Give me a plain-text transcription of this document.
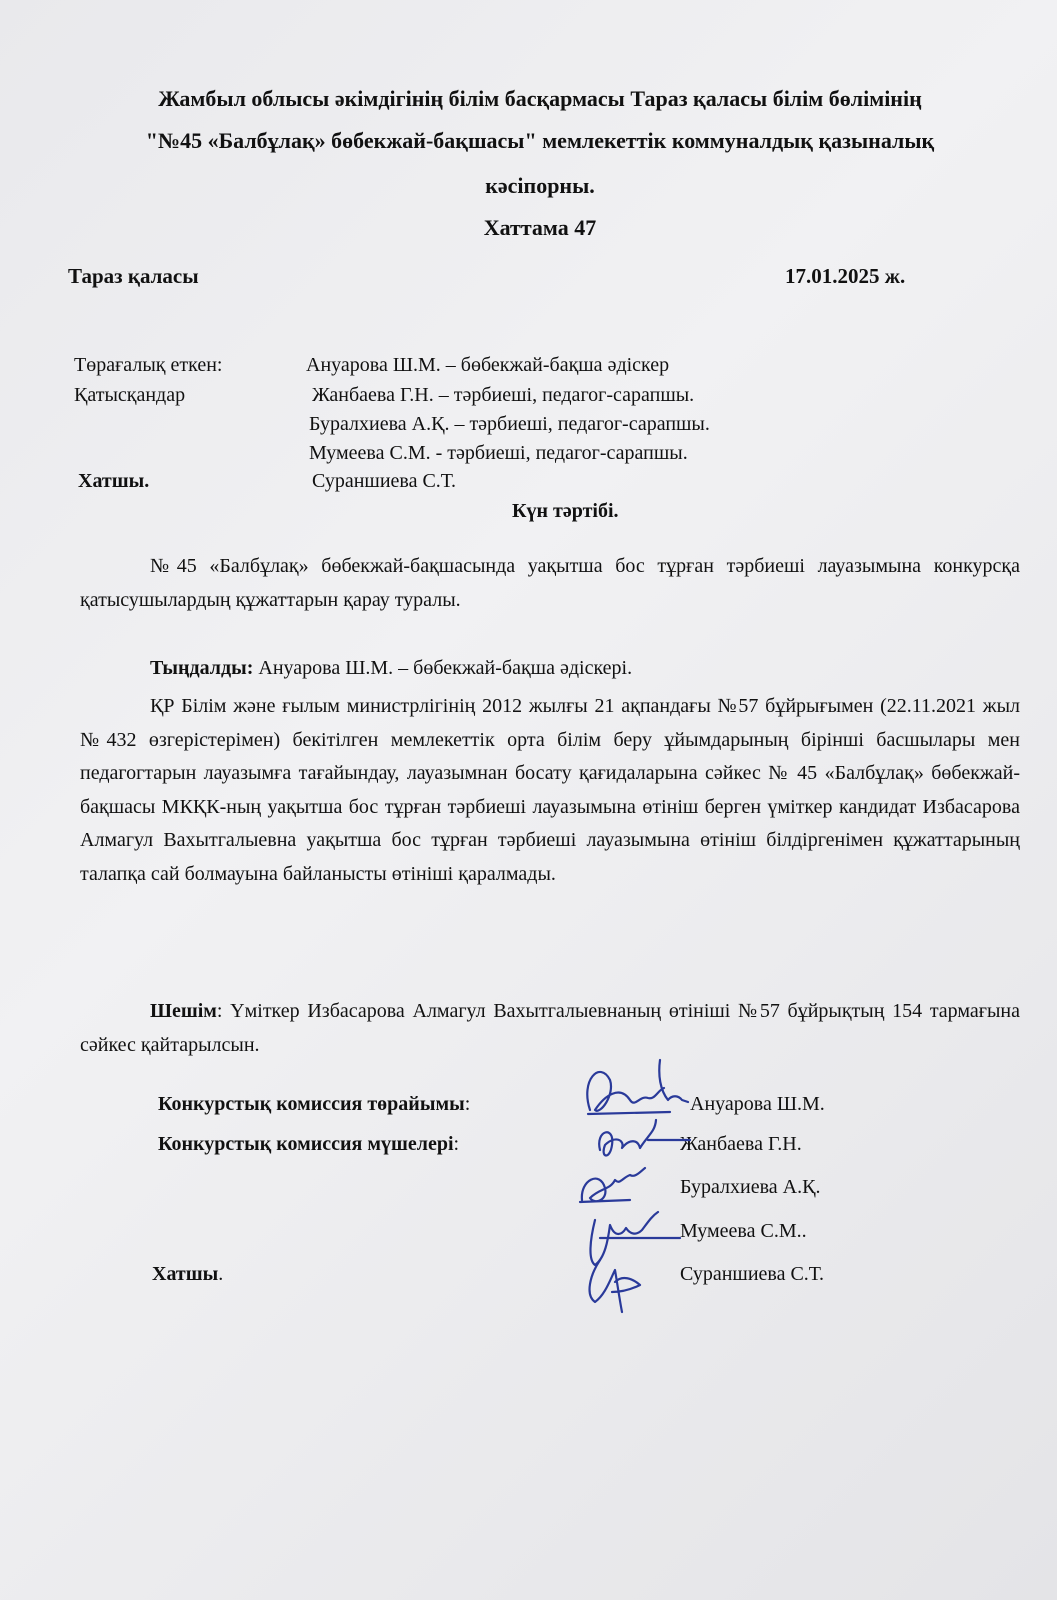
Жамбыл облысы әкімдігінің білім басқармасы Тараз қаласы білім бөлімінің
"№45 «Балбұлақ» бөбекжай-бақшасы" мемлекеттік коммуналдық қазыналық
кәсіпорны.
Хаттама 47
Тараз қаласы	17.01.2025 ж.
Төрағалық еткен:	Ануарова Ш.М. – бөбекжай-бақша әдіскер
Қатысқандар	Жанбаева Г.Н. – тәрбиеші, педагог-сарапшы.
Буралхиева А.Қ. – тәрбиеші, педагог-сарапшы.
Мумеева С.М. - тәрбиеші, педагог-сарапшы.
Хатшы.	Сураншиева С.Т.
Күн тәртібі.
№45 «Балбұлақ» бөбекжай-бақшасында уақытша бос тұрған тәрбиеші лауазымына конкурсқа қатысушылардың құжаттарын қарау туралы.
Тыңдалды: Ануарова Ш.М. – бөбекжай-бақша әдіскері.
ҚР Білім және ғылым министрлігінің 2012 жылғы 21 ақпандағы №57 бұйрығымен (22.11.2021 жыл №432 өзгерістерімен) бекітілген мемлекеттік орта білім беру ұйымдарының бірінші басшылары мен педагогтарын лауазымға тағайындау, лауазымнан босату қағидаларына сәйкес № 45 «Балбұлақ» бөбекжай-бақшасы МКҚК-ның уақытша бос тұрған тәрбиеші лауазымына өтініш берген үміткер кандидат Избасарова Алмагул Вахытгалыевна уақытша бос тұрған тәрбиеші лауазымына өтініш білдіргенімен құжаттарының талапқа сай болмауына байланысты өтініші қаралмады.
Шешім: Үміткер Избасарова Алмагул Вахытгалыевнаның өтініші №57 бұйрықтың 154 тармағына сәйкес қайтарылсын.
Конкурстық комиссия төрайымы:	Ануарова Ш.М.
Конкурстық комиссия мүшелері:	Жанбаева Г.Н.
Буралхиева А.Қ.
Мумеева С.М..
Хатшы.	Сураншиева С.Т.
